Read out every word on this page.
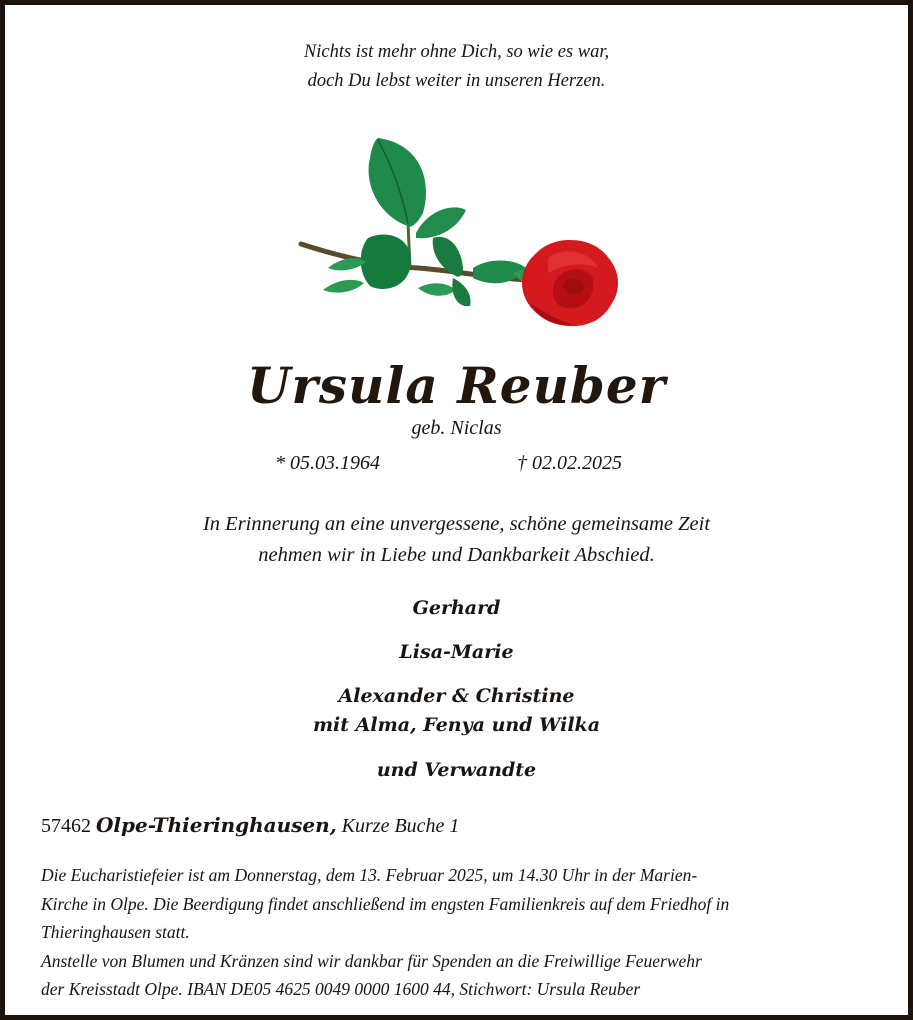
Nichts ist mehr ohne Dich, so wie es war,
doch Du lebst weiter in unseren Herzen.
Ursula Reuber
geb. Niclas
* 05.03.1964	† 02.02.2025
In Erinnerung an eine unvergessene, schöne gemeinsame Zeit
nehmen wir in Liebe und Dankbarkeit Abschied.
Gerhard
Lisa-Marie
Alexander & Christine
mit Alma, Fenya und Wilka
und Verwandte
57462 Olpe-Thieringhausen, Kurze Buche 1
Die Eucharistiefeier ist am Donnerstag, dem 13. Februar 2025, um 14.30 Uhr in der Marien-
Kirche in Olpe. Die Beerdigung findet anschließend im engsten Familienkreis auf dem Friedhof in
Thieringhausen statt.
Anstelle von Blumen und Kränzen sind wir dankbar für Spenden an die Freiwillige Feuerwehr
der Kreisstadt Olpe. IBAN DE05 4625 0049 0000 1600 44, Stichwort: Ursula Reuber
